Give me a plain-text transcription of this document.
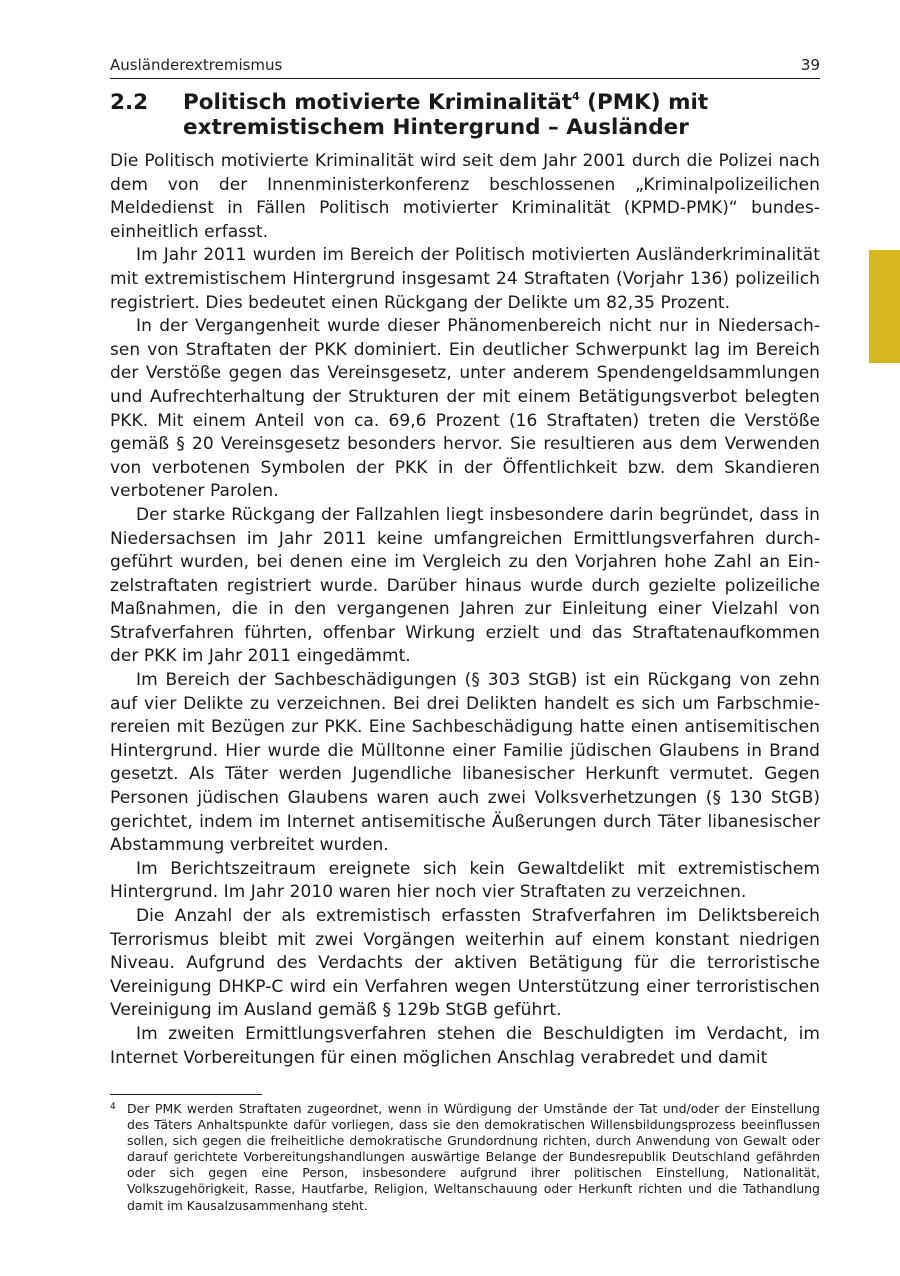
Ausländerextremismus	39
2.2	Politisch motivierte Kriminalität$^4$ (PMK) mit extremistischem Hintergrund – Ausländer

Die Politisch motivierte Kriminalität wird seit dem Jahr 2001 durch die Polizei nach dem von der Innenministerkonferenz beschlossenen „Kriminalpolizeilichen Meldedienst in Fällen Politisch motivierter Kriminalität (KPMD-PMK)“ bundeseinheitlich erfasst.

Im Jahr 2011 wurden im Bereich der Politisch motivierten Ausländerkriminalität mit extremistischem Hintergrund insgesamt 24 Straftaten (Vorjahr 136) polizeilich registriert. Dies bedeutet einen Rückgang der Delikte um 82,35 Prozent.

In der Vergangenheit wurde dieser Phänomenbereich nicht nur in Niedersachsen von Straftaten der PKK dominiert. Ein deutlicher Schwerpunkt lag im Bereich der Verstöße gegen das Vereinsgesetz, unter anderem Spendengeldsammlungen und Aufrechterhaltung der Strukturen der mit einem Betätigungsverbot belegten PKK. Mit einem Anteil von ca. 69,6 Prozent (16 Straftaten) treten die Verstöße gemäß § 20 Vereinsgesetz besonders hervor. Sie resultieren aus dem Verwenden von verbotenen Symbolen der PKK in der Öffentlichkeit bzw. dem Skandieren verbotener Parolen.

Der starke Rückgang der Fallzahlen liegt insbesondere darin begründet, dass in Niedersachsen im Jahr 2011 keine umfangreichen Ermittlungsverfahren durchgeführt wurden, bei denen eine im Vergleich zu den Vorjahren hohe Zahl an Einzelstraftaten registriert wurde. Darüber hinaus wurde durch gezielte polizeiliche Maßnahmen, die in den vergangenen Jahren zur Einleitung einer Vielzahl von Strafverfahren führten, offenbar Wirkung erzielt und das Straftatenaufkommen der PKK im Jahr 2011 eingedämmt.

Im Bereich der Sachbeschädigungen (§ 303 StGB) ist ein Rückgang von zehn auf vier Delikte zu verzeichnen. Bei drei Delikten handelt es sich um Farbschmierereien mit Bezügen zur PKK. Eine Sachbeschädigung hatte einen antisemitischen Hintergrund. Hier wurde die Mülltonne einer Familie jüdischen Glaubens in Brand gesetzt. Als Täter werden Jugendliche libanesischer Herkunft vermutet. Gegen Personen jüdischen Glaubens waren auch zwei Volksverhetzungen (§ 130 StGB) gerichtet, indem im Internet antisemitische Äußerungen durch Täter libanesischer Abstammung verbreitet wurden.

Im Berichtszeitraum ereignete sich kein Gewaltdelikt mit extremistischem Hintergrund. Im Jahr 2010 waren hier noch vier Straftaten zu verzeichnen.

Die Anzahl der als extremistisch erfassten Strafverfahren im Deliktsbereich Terrorismus bleibt mit zwei Vorgängen weiterhin auf einem konstant niedrigen Niveau. Aufgrund des Verdachts der aktiven Betätigung für die terroristische Vereinigung DHKP-C wird ein Verfahren wegen Unterstützung einer terroristischen Vereinigung im Ausland gemäß § 129b StGB geführt.

Im zweiten Ermittlungsverfahren stehen die Beschuldigten im Verdacht, im Internet Vorbereitungen für einen möglichen Anschlag verabredet und damit

4 Der PMK werden Straftaten zugeordnet, wenn in Würdigung der Umstände der Tat und/oder der Einstellung des Täters Anhaltspunkte dafür vorliegen, dass sie den demokratischen Willensbildungsprozess beeinflussen sollen, sich gegen die freiheitliche demokratische Grundordnung richten, durch Anwendung von Gewalt oder darauf gerichtete Vorbereitungshandlungen auswärtige Belange der Bundesrepublik Deutschland gefährden oder sich gegen eine Person, insbesondere aufgrund ihrer politischen Einstellung, Nationalität, Volkszugehörigkeit, Rasse, Hautfarbe, Religion, Weltanschauung oder Herkunft richten und die Tathandlung damit im Kausalzusammenhang steht.
